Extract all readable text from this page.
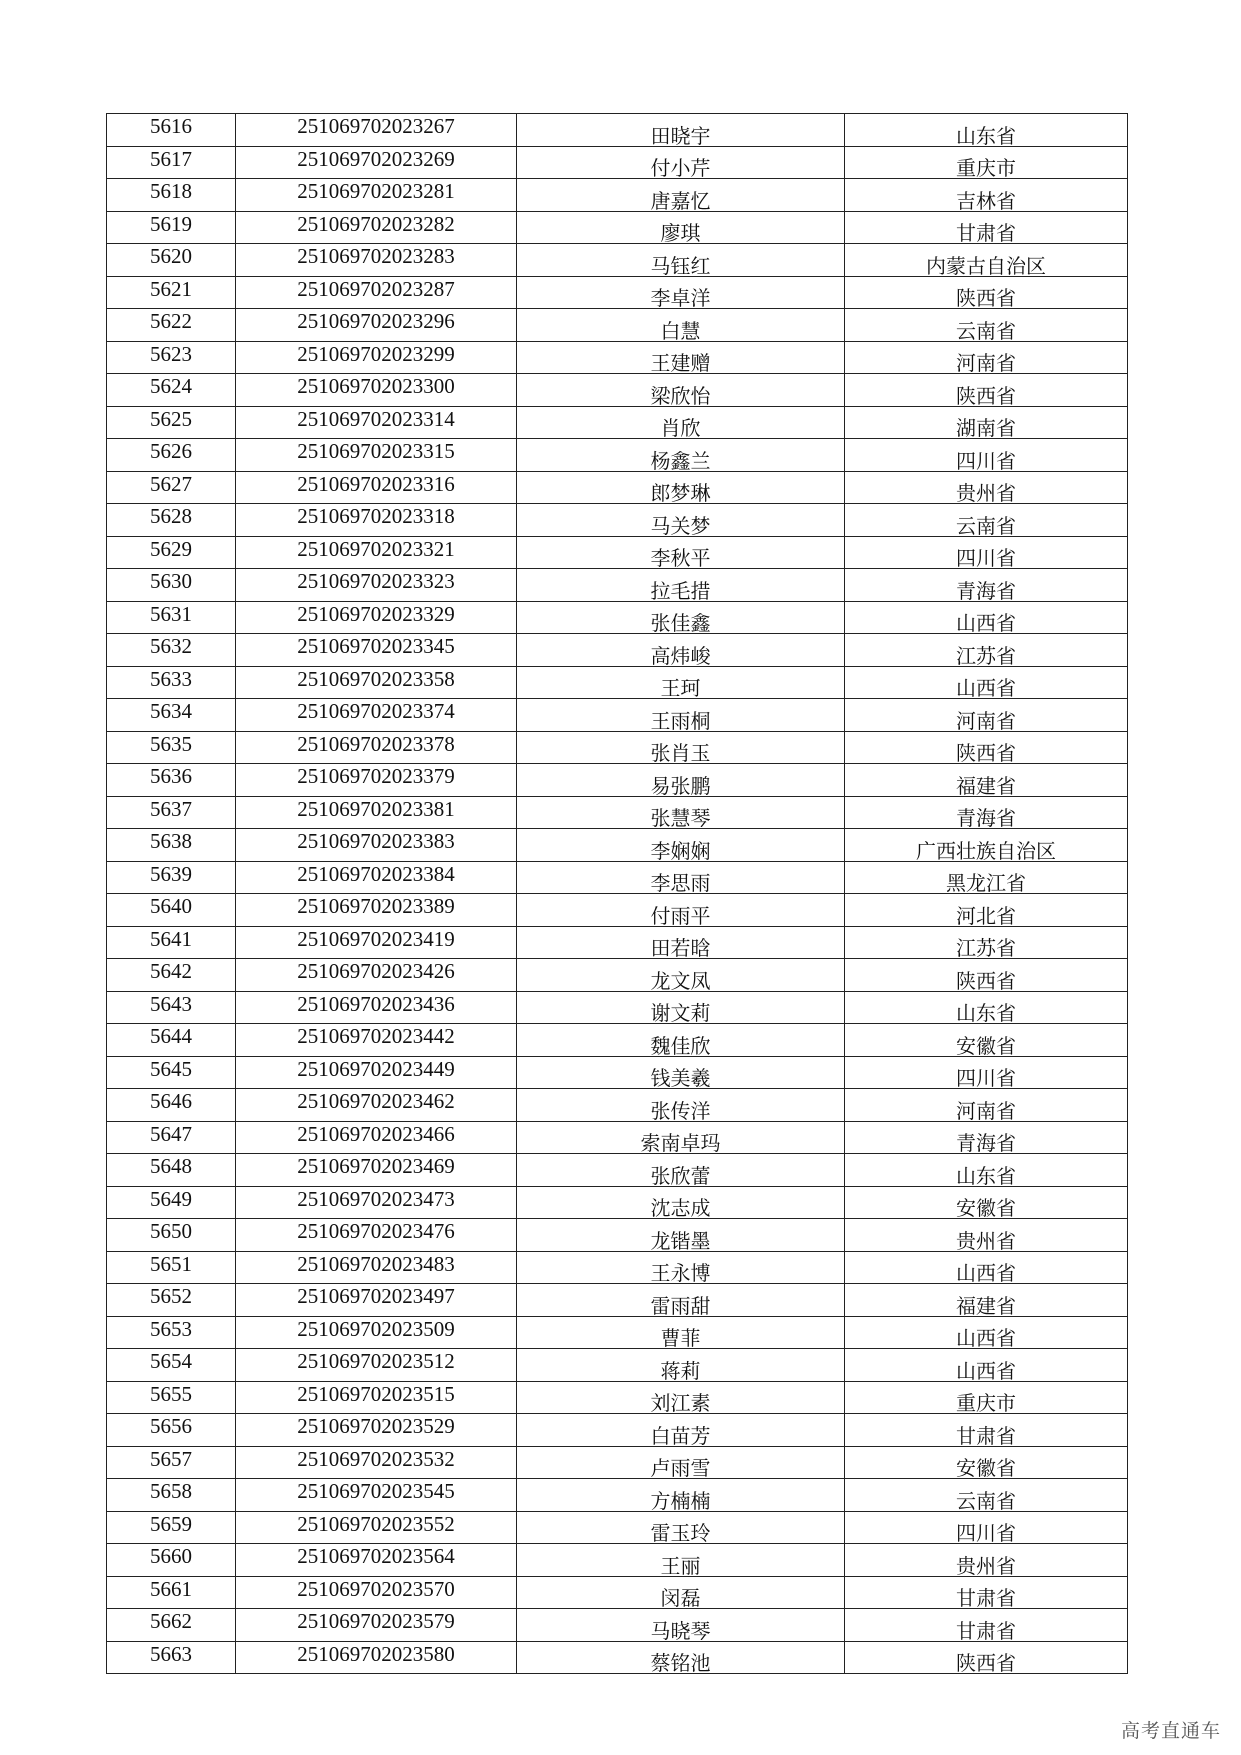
5616	251069702023267	田晓宇	山东省
5617	251069702023269	付小芹	重庆市
5618	251069702023281	唐嘉忆	吉林省
5619	251069702023282	廖琪	甘肃省
5620	251069702023283	马钰红	内蒙古自治区
5621	251069702023287	李卓洋	陕西省
5622	251069702023296	白慧	云南省
5623	251069702023299	王建赠	河南省
5624	251069702023300	梁欣怡	陕西省
5625	251069702023314	肖欣	湖南省
5626	251069702023315	杨鑫兰	四川省
5627	251069702023316	郎梦琳	贵州省
5628	251069702023318	马关梦	云南省
5629	251069702023321	李秋平	四川省
5630	251069702023323	拉毛措	青海省
5631	251069702023329	张佳鑫	山西省
5632	251069702023345	高炜峻	江苏省
5633	251069702023358	王珂	山西省
5634	251069702023374	王雨桐	河南省
5635	251069702023378	张肖玉	陕西省
5636	251069702023379	易张鹏	福建省
5637	251069702023381	张慧琴	青海省
5638	251069702023383	李娴娴	广西壮族自治区
5639	251069702023384	李思雨	黑龙江省
5640	251069702023389	付雨平	河北省
5641	251069702023419	田若晗	江苏省
5642	251069702023426	龙文凤	陕西省
5643	251069702023436	谢文莉	山东省
5644	251069702023442	魏佳欣	安徽省
5645	251069702023449	钱美羲	四川省
5646	251069702023462	张传洋	河南省
5647	251069702023466	索南卓玛	青海省
5648	251069702023469	张欣蕾	山东省
5649	251069702023473	沈志成	安徽省
5650	251069702023476	龙锴墨	贵州省
5651	251069702023483	王永博	山西省
5652	251069702023497	雷雨甜	福建省
5653	251069702023509	曹菲	山西省
5654	251069702023512	蒋莉	山西省
5655	251069702023515	刘江素	重庆市
5656	251069702023529	白苗芳	甘肃省
5657	251069702023532	卢雨雪	安徽省
5658	251069702023545	方楠楠	云南省
5659	251069702023552	雷玉玲	四川省
5660	251069702023564	王丽	贵州省
5661	251069702023570	闵磊	甘肃省
5662	251069702023579	马晓琴	甘肃省
5663	251069702023580	蔡铭池	陕西省
高考直通车
